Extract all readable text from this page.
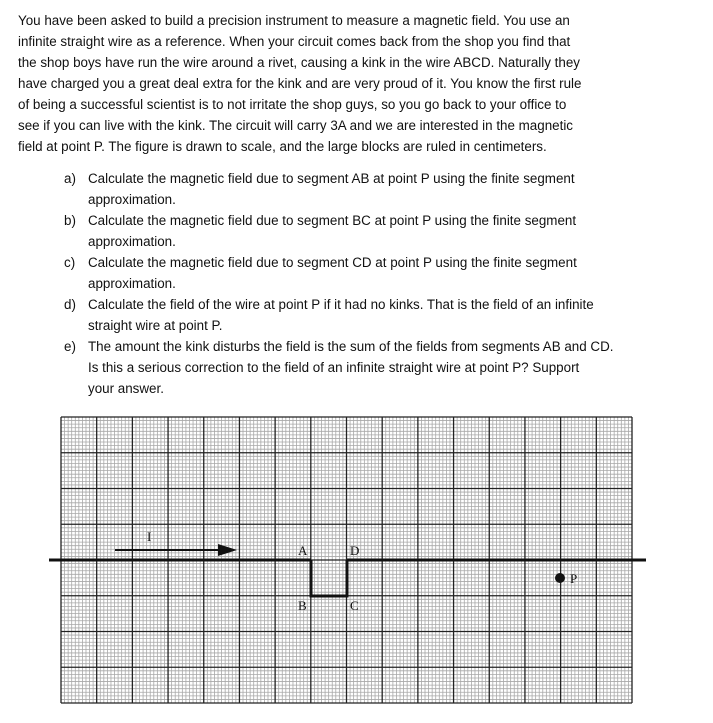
You have been asked to build a precision instrument to measure a magnetic field. You use an
infinite straight wire as a reference. When your circuit comes back from the shop you find that
the shop boys have run the wire around a rivet, causing a kink in the wire ABCD. Naturally they
have charged you a great deal extra for the kink and are very proud of it. You know the first rule
of being a successful scientist is to not irritate the shop guys, so you go back to your office to
see if you can live with the kink. The circuit will carry 3A and we are interested in the magnetic
field at point P. The figure is drawn to scale, and the large blocks are ruled in centimeters.
a) Calculate the magnetic field due to segment AB at point P using the finite segment
approximation.
b) Calculate the magnetic field due to segment BC at point P using the finite segment
approximation.
c) Calculate the magnetic field due to segment CD at point P using the finite segment
approximation.
d) Calculate the field of the wire at point P if it had no kinks. That is the field of an infinite
straight wire at point P.
e) The amount the kink disturbs the field is the sum of the fields from segments AB and CD.
Is this a serious correction to the field of an infinite straight wire at point P? Support
your answer.
I
A
B	C
D
P
